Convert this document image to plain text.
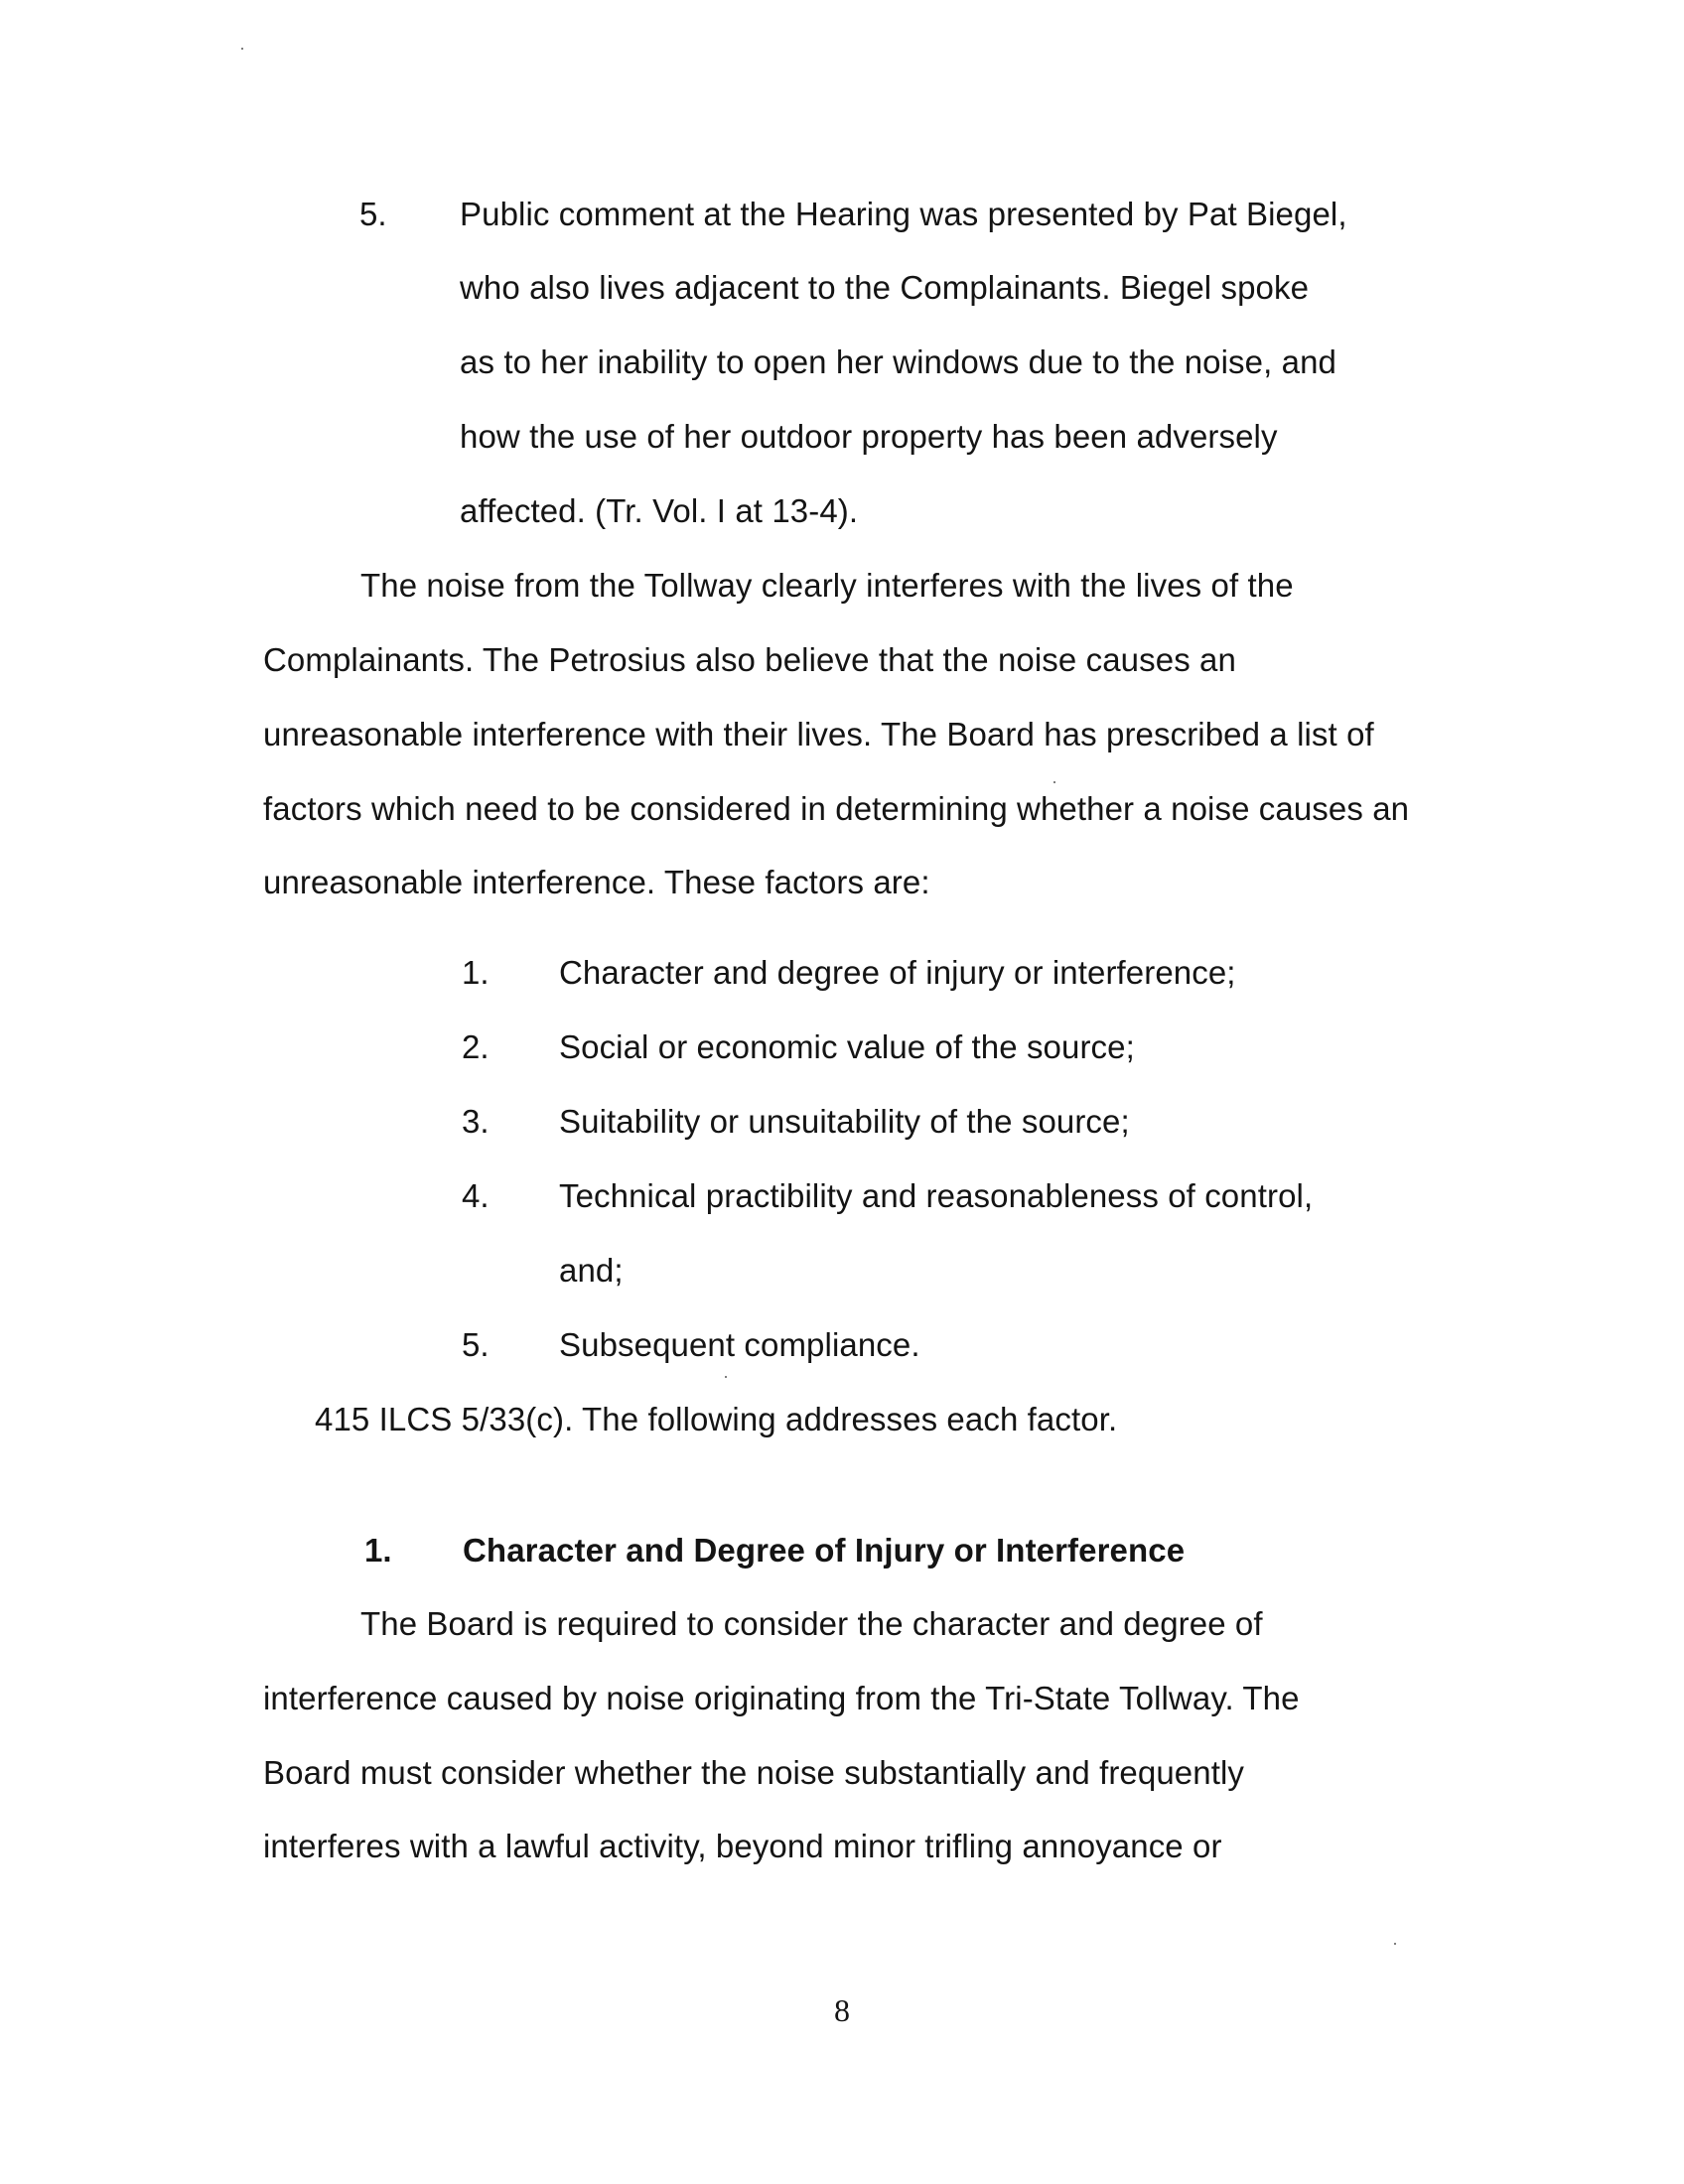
5. Public comment at the Hearing was presented by Pat Biegel,
who also lives adjacent to the Complainants. Biegel spoke
as to her inability to open her windows due to the noise, and
how the use of her outdoor property has been adversely
affected. (Tr. Vol. I at 13-4).
The noise from the Tollway clearly interferes with the lives of the
Complainants. The Petrosius also believe that the noise causes an
unreasonable interference with their lives. The Board has prescribed a list of
factors which need to be considered in determining whether a noise causes an
unreasonable interference. These factors are:
1. Character and degree of injury or interference;
2. Social or economic value of the source;
3. Suitability or unsuitability of the source;
4. Technical practibility and reasonableness of control,
and;
5. Subsequent compliance.
415 ILCS 5/33(c). The following addresses each factor.
1. Character and Degree of Injury or Interference
The Board is required to consider the character and degree of
interference caused by noise originating from the Tri-State Tollway. The
Board must consider whether the noise substantially and frequently
interferes with a lawful activity, beyond minor trifling annoyance or
8
